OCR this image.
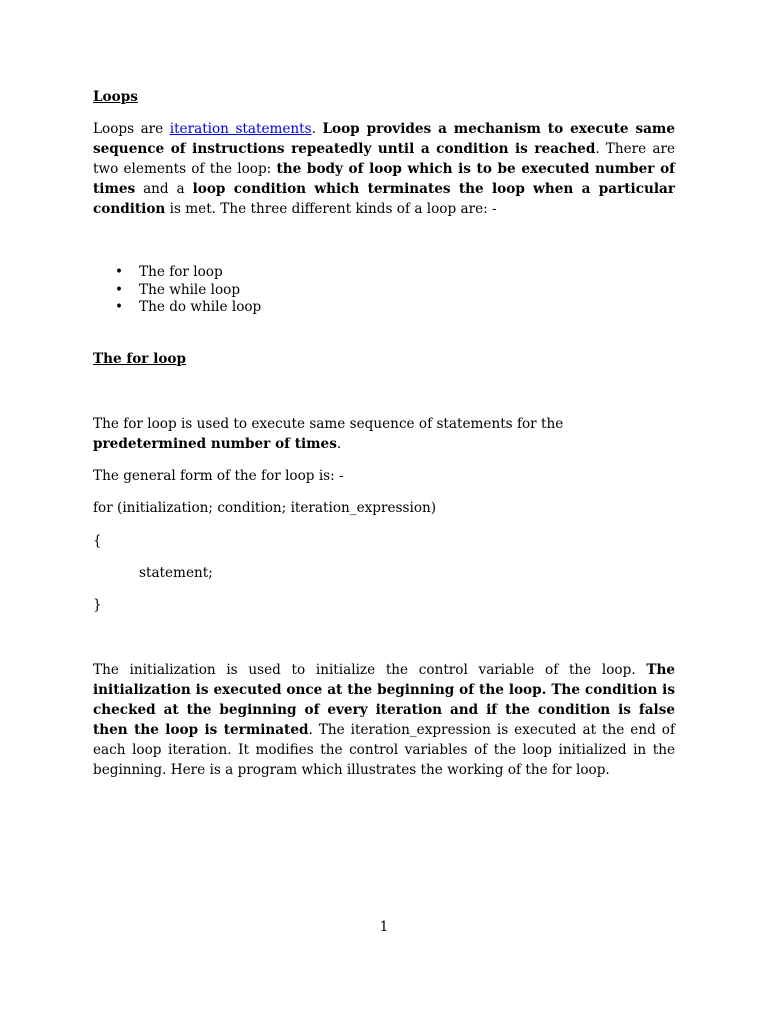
Loops

Loops are iteration statements. Loop provides a mechanism to execute same sequence of instructions repeatedly until a condition is reached. There are two elements of the loop: the body of loop which is to be executed number of times and a loop condition which terminates the loop when a particular condition is met. The three different kinds of a loop are: -

• The for loop
• The while loop
• The do while loop
The for loop

The for loop is used to execute same sequence of statements for the predetermined number of times.

The general form of the for loop is: -
for (initialization; condition; iteration_expression)
{
statement;
}

The initialization is used to initialize the control variable of the loop. The initialization is executed once at the beginning of the loop. The condition is checked at the beginning of every iteration and if the condition is false then the loop is terminated. The iteration_expression is executed at the end of each loop iteration. It modifies the control variables of the loop initialized in the beginning. Here is a program which illustrates the working of the for loop.

1
